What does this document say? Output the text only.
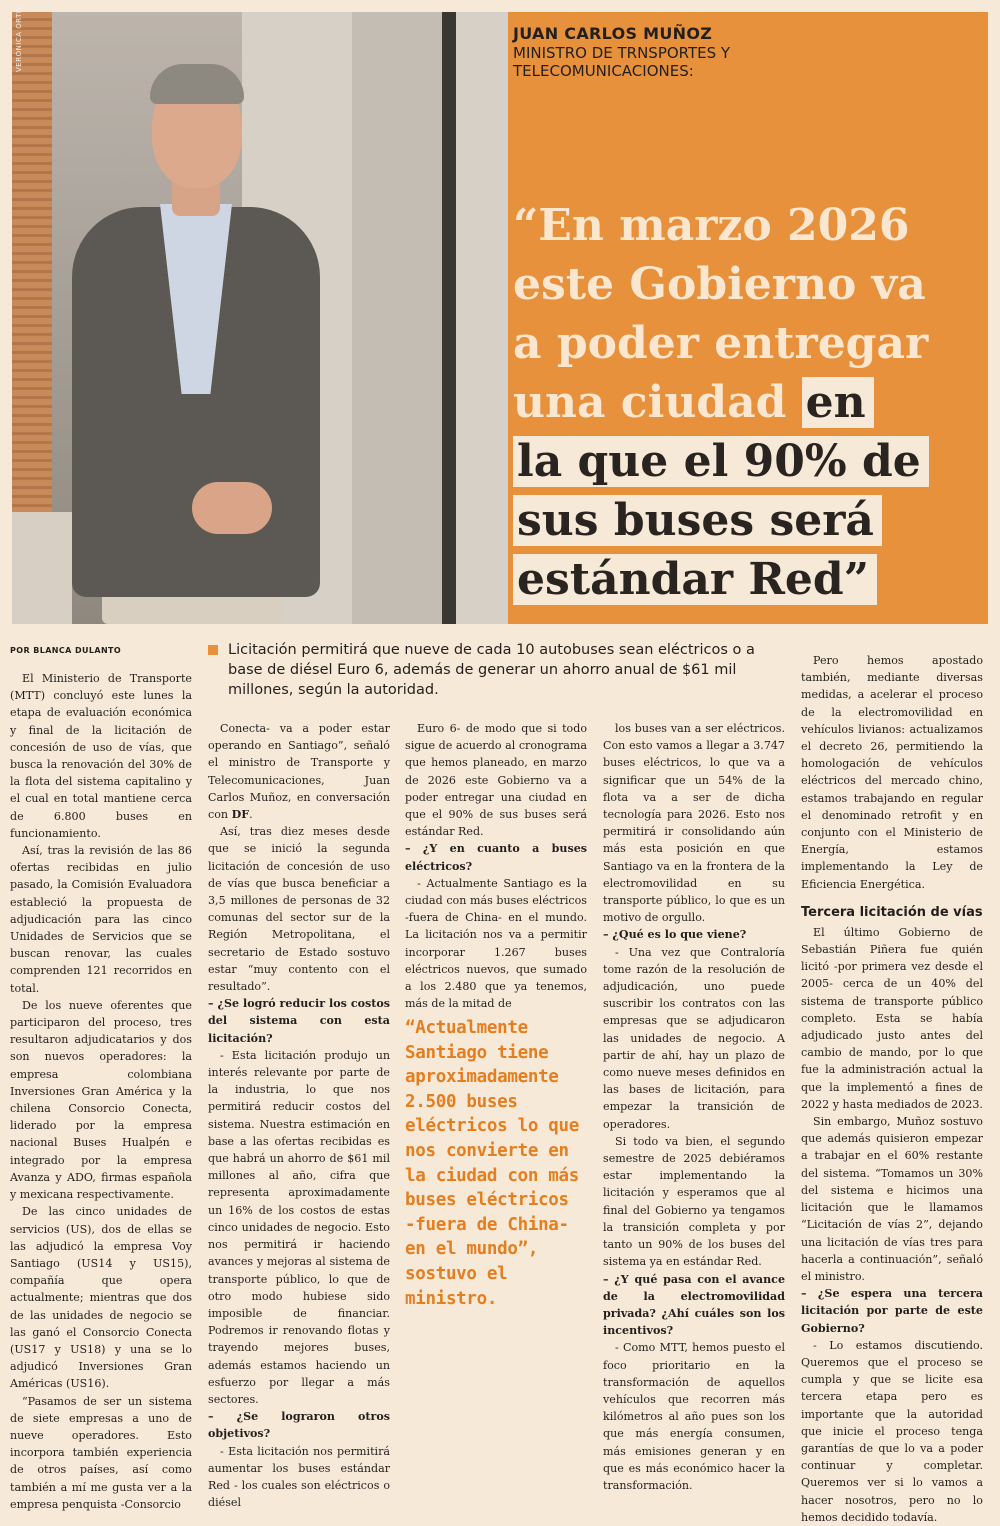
VERÓNICA ORTIZ	JUAN CARLOS MUÑOZ
MINISTRO DE TRNSPORTES Y
TELECOMUNICACIONES:
“En marzo 2026
este Gobierno va
a poder entregar
una ciudad en
la que el 90% de
sus buses será
estándar Red”
POR BLANCA DULANTO	Licitación permitirá que nueve de cada 10 autobuses sean eléctricos o a base de diésel Euro 6, además de generar un ahorro anual de $61 mil millones, según la autoridad.

El Ministerio de Transporte (MTT) concluyó este lunes la etapa de evaluación económica y final de la licitación de concesión de uso de vías, que busca la renovación del 30% de la flota del sistema capitalino y el cual en total mantiene cerca de 6.800 buses en funcionamiento.

Así, tras la revisión de las 86 ofertas recibidas en julio pasado, la Comisión Evaluadora estableció la propuesta de adjudicación para las cinco Unidades de Servicios que se buscan renovar, las cuales comprenden 121 recorridos en total.

De los nueve oferentes que participaron del proceso, tres resultaron adjudicatarios y dos son nuevos operadores: la empresa colombiana Inversiones Gran América y la chilena Consorcio Conecta, liderado por la empresa nacional Buses Hualpén e integrado por la empresa Avanza y ADO, firmas española y mexicana respectivamente.

De las cinco unidades de servicios (US), dos de ellas se las adjudicó la empresa Voy Santiago (US14 y US15), compañía que opera actualmente; mientras que dos de las unidades de negocio se las ganó el Consorcio Conecta (US17 y US18) y una se lo adjudicó Inversiones Gran Américas (US16).

“Pasamos de ser un sistema de siete empresas a uno de nueve operadores. Esto incorpora también experiencia de otros países, así como también a mí me gusta ver a la empresa penquista -Consorcio

Conecta- va a poder estar operando en Santiago”, señaló el ministro de Transporte y Telecomunicaciones, Juan Carlos Muñoz, en conversación con DF.

Así, tras diez meses desde que se inició la segunda licitación de concesión de uso de vías que busca beneficiar a 3,5 millones de personas de 32 comunas del sector sur de la Región Metropolitana, el secretario de Estado sostuvo estar “muy contento con el resultado”.

– ¿Se logró reducir los costos del sistema con esta licitación?

- Esta licitación produjo un interés relevante por parte de la industria, lo que nos permitirá reducir costos del sistema. Nuestra estimación en base a las ofertas recibidas es que habrá un ahorro de $61 mil millones al año, cifra que representa aproximadamente un 16% de los costos de estas cinco unidades de negocio. Esto nos permitirá ir haciendo avances y mejoras al sistema de transporte público, lo que de otro modo hubiese sido imposible de financiar. Podremos ir renovando flotas y trayendo mejores buses, además estamos haciendo un esfuerzo por llegar a más sectores.

– ¿Se lograron otros objetivos?

- Esta licitación nos permitirá aumentar los buses estándar Red - los cuales son eléctricos o diésel

Euro 6- de modo que si todo sigue de acuerdo al cronograma que hemos planeado, en marzo de 2026 este Gobierno va a poder entregar una ciudad en que el 90% de sus buses será estándar Red.

– ¿Y en cuanto a buses eléctricos?

- Actualmente Santiago es la ciudad con más buses eléctricos -fuera de China- en el mundo. La licitación nos va a permitir incorporar 1.267 buses eléctricos nuevos, que sumado a los 2.480 que ya tenemos, más de la mitad de

“Actualmente Santiago tiene aproximadamente 2.500 buses eléctricos lo que nos convierte en la ciudad con más buses eléctricos -fuera de China- en el mundo”, sostuvo el ministro.

los buses van a ser eléctricos. Con esto vamos a llegar a 3.747 buses eléctricos, lo que va a significar que un 54% de la flota va a ser de dicha tecnología para 2026. Esto nos permitirá ir consolidando aún más esta posición en que Santiago va en la frontera de la electromovilidad en su transporte público, lo que es un motivo de orgullo.

– ¿Qué es lo que viene?

- Una vez que Contraloría tome razón de la resolución de adjudicación, uno puede suscribir los contratos con las empresas que se adjudicaron las unidades de negocio. A partir de ahí, hay un plazo de como nueve meses definidos en las bases de licitación, para empezar la transición de operadores.

Si todo va bien, el segundo semestre de 2025 debiéramos estar implementando la licitación y esperamos que al final del Gobierno ya tengamos la transición completa y por tanto un 90% de los buses del sistema ya en estándar Red.

– ¿Y qué pasa con el avance de la electromovilidad privada? ¿Ahí cuáles son los incentivos?

- Como MTT, hemos puesto el foco prioritario en la transformación de aquellos vehículos que recorren más kilómetros al año pues son los que más energía consumen, más emisiones generan y en que es más económico hacer la transformación.

Pero hemos apostado también, mediante diversas medidas, a acelerar el proceso de la electromovilidad en vehículos livianos: actualizamos el decreto 26, permitiendo la homologación de vehículos eléctricos del mercado chino, estamos trabajando en regular el denominado retrofit y en conjunto con el Ministerio de Energía, estamos implementando la Ley de Eficiencia Energética.

Tercera licitación de vías

El último Gobierno de Sebastián Piñera fue quién licitó -por primera vez desde el 2005- cerca de un 40% del sistema de transporte público completo. Esta se había adjudicado justo antes del cambio de mando, por lo que fue la administración actual la que la implementó a fines de 2022 y hasta mediados de 2023.

Sin embargo, Muñoz sostuvo que además quisieron empezar a trabajar en el 60% restante del sistema. “Tomamos un 30% del sistema e hicimos una licitación que le llamamos “Licitación de vías 2”, dejando una licitación de vías tres para hacerla a continuación”, señaló el ministro.

– ¿Se espera una tercera licitación por parte de este Gobierno?

- Lo estamos discutiendo. Queremos que el proceso se cumpla y que se licite esa tercera etapa pero es importante que la autoridad que inicie el proceso tenga garantías de que lo va a poder continuar y completar. Queremos ver si lo vamos a hacer nosotros, pero no lo hemos decidido todavía.
